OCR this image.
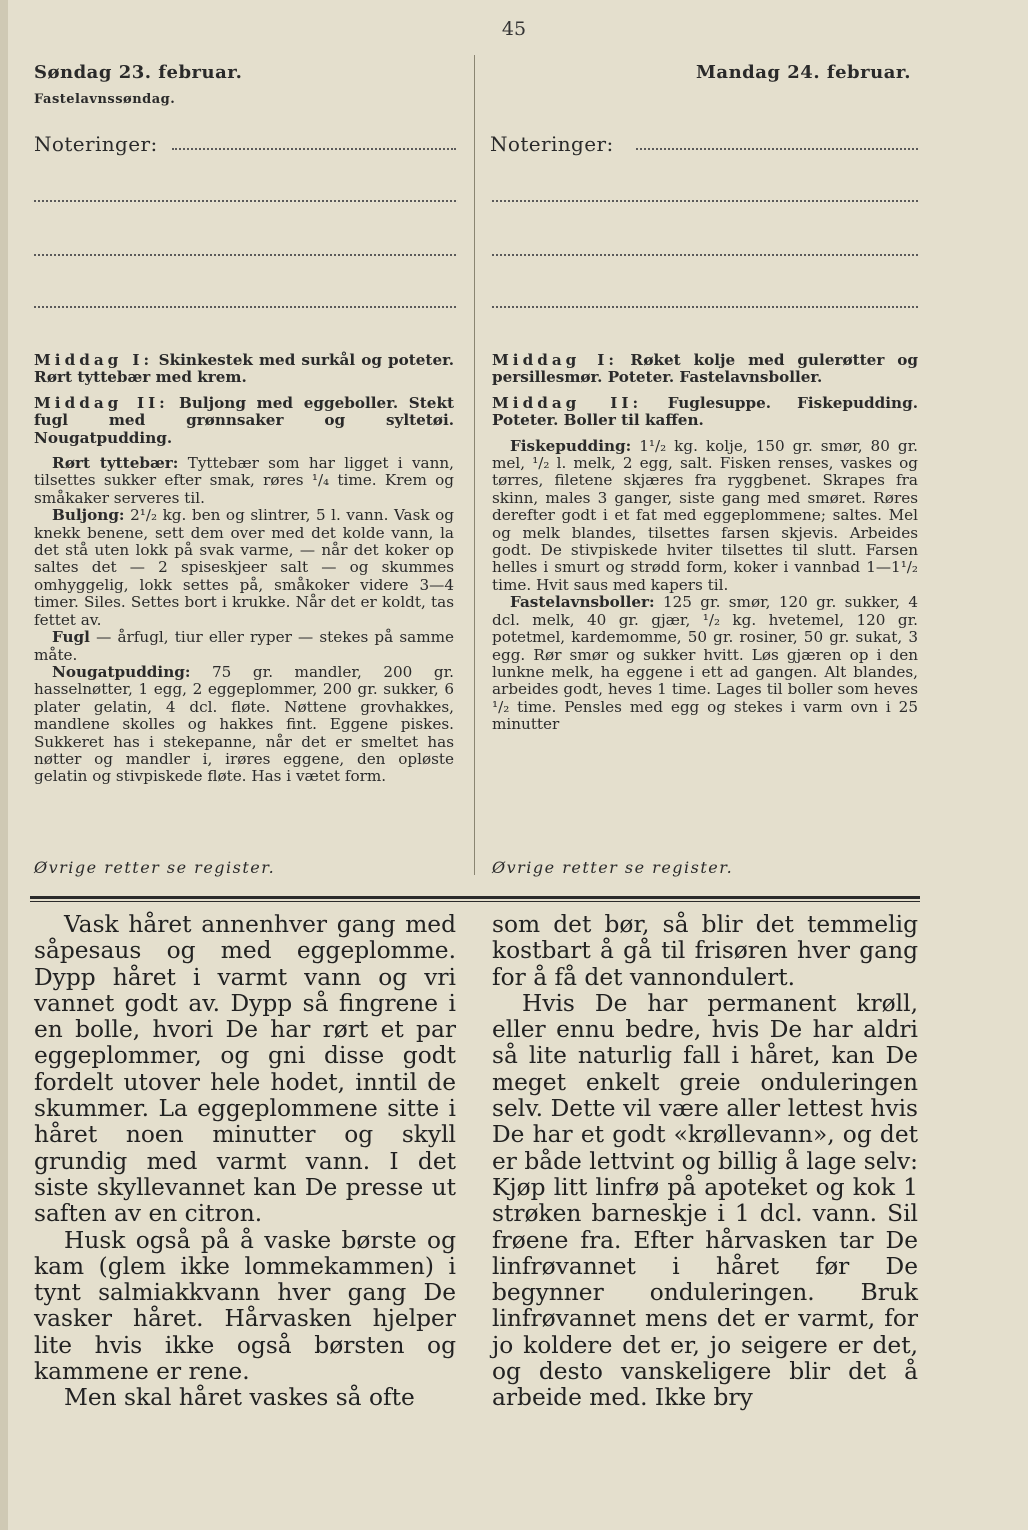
45
Søndag 23. februar.
Fastelavnssøndag.
Noteringer:
Mandag 24. februar.
Noteringer:

Middag I: Skinkestek med surkål og poteter. Rørt tyttebær med krem.

Middag II: Buljong med eggeboller. Stekt fugl med grønnsaker og syltetøi. Nougatpudding.

Rørt tyttebær: Tyttebær som har ligget i vann, tilsettes sukker efter smak, røres ¹/₄ time. Krem og småkaker serveres til.

Buljong: 2¹/₂ kg. ben og slintrer, 5 l. vann. Vask og knekk benene, sett dem over med det kolde vann, la det stå uten lokk på svak varme, — når det koker op saltes det — 2 spiseskjeer salt — og skummes omhyggelig, lokk settes på, småkoker videre 3—4 timer. Siles. Settes bort i krukke. Når det er koldt, tas fettet av.

Fugl — årfugl, tiur eller ryper — stekes på samme måte.

Nougatpudding: 75 gr. mandler, 200 gr. hasselnøtter, 1 egg, 2 eggeplommer, 200 gr. sukker, 6 plater gelatin, 4 dcl. fløte. Nøttene grovhakkes, mandlene skolles og hakkes fint. Eggene piskes. Sukkeret has i stekepanne, når det er smeltet has nøtter og mandler i, irøres eggene, den opløste gelatin og stivpiskede fløte. Has i vætet form.

Øvrige retter se register.

Middag I: Røket kolje med gulerøtter og persillesmør. Poteter. Fastelavnsboller.

Middag II: Fuglesuppe. Fiskepudding. Poteter. Boller til kaffen.

Fiskepudding: 1¹/₂ kg. kolje, 150 gr. smør, 80 gr. mel, ¹/₂ l. melk, 2 egg, salt. Fisken renses, vaskes og tørres, filetene skjæres fra ryggbenet. Skrapes fra skinn, males 3 ganger, siste gang med smøret. Røres derefter godt i et fat med eggeplommene; saltes. Mel og melk blandes, tilsettes farsen skjevis. Arbeides godt. De stivpiskede hviter tilsettes til slutt. Farsen helles i smurt og strødd form, koker i vannbad 1—1¹/₂ time. Hvit saus med kapers til.

Fastelavnsboller: 125 gr. smør, 120 gr. sukker, 4 dcl. melk, 40 gr. gjær, ¹/₂ kg. hvetemel, 120 gr. potetmel, kardemomme, 50 gr. rosiner, 50 gr. sukat, 3 egg. Rør smør og sukker hvitt. Løs gjæren op i den lunkne melk, ha eggene i ett ad gangen. Alt blandes, arbeides godt, heves 1 time. Lages til boller som heves ¹/₂ time. Pensles med egg og stekes i varm ovn i 25 minutter

Øvrige retter se register.

Vask håret annenhver gang med såpesaus og med eggeplomme. Dypp håret i varmt vann og vri vannet godt av. Dypp så fingrene i en bolle, hvori De har rørt et par eggeplommer, og gni disse godt fordelt utover hele hodet, inntil de skummer. La eggeplommene sitte i håret noen minutter og skyll grundig med varmt vann. I det siste skyllevannet kan De presse ut saften av en citron.

Husk også på å vaske børste og kam (glem ikke lommekammen) i tynt salmiakkvann hver gang De vasker håret. Hårvasken hjelper lite hvis ikke også børsten og kammene er rene.

Men skal håret vaskes så ofte

som det bør, så blir det temmelig kostbart å gå til frisøren hver gang for å få det vannondulert.

Hvis De har permanent krøll, eller ennu bedre, hvis De har aldri så lite naturlig fall i håret, kan De meget enkelt greie onduleringen selv. Dette vil være aller lettest hvis De har et godt «krøllevann», og det er både lettvint og billig å lage selv: Kjøp litt linfrø på apoteket og kok 1 strøken barneskje i 1 dcl. vann. Sil frøene fra. Efter hårvasken tar De linfrøvannet i håret før De begynner onduleringen. Bruk linfrøvannet mens det er varmt, for jo koldere det er, jo seigere er det, og desto vanskeligere blir det å arbeide med. Ikke bry
